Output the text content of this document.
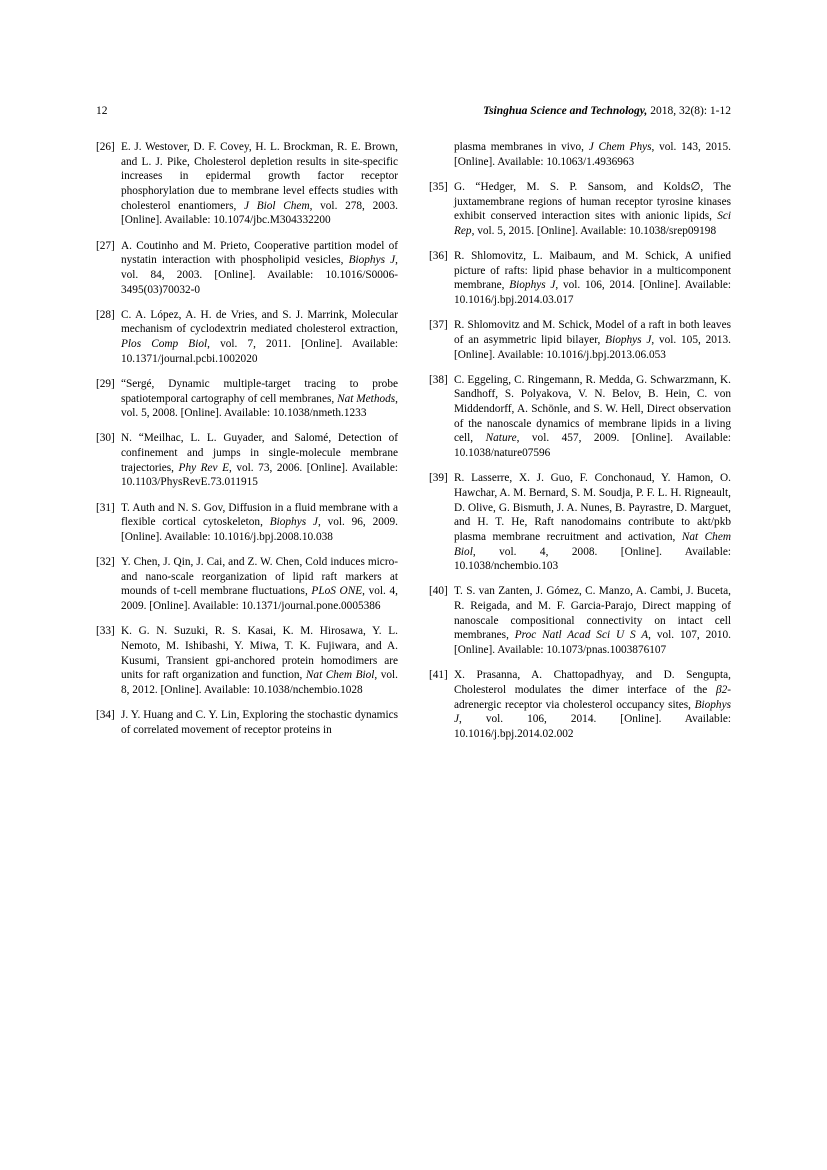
12	Tsinghua Science and Technology, 2018, 32(8): 1-12
[26] E. J. Westover, D. F. Covey, H. L. Brockman, R. E. Brown, and L. J. Pike, Cholesterol depletion results in site-specific increases in epidermal growth factor receptor phosphorylation due to membrane level effects studies with cholesterol enantiomers, J Biol Chem, vol. 278, 2003. [Online]. Available: 10.1074/jbc.M304332200
[27] A. Coutinho and M. Prieto, Cooperative partition model of nystatin interaction with phospholipid vesicles, Biophys J, vol. 84, 2003. [Online]. Available: 10.1016/S0006-3495(03)70032-0
[28] C. A. López, A. H. de Vries, and S. J. Marrink, Molecular mechanism of cyclodextrin mediated cholesterol extraction, Plos Comp Biol, vol. 7, 2011. [Online]. Available: 10.1371/journal.pcbi.1002020
[29] “Sergé, Dynamic multiple-target tracing to probe spatiotemporal cartography of cell membranes, Nat Methods, vol. 5, 2008. [Online]. Available: 10.1038/nmeth.1233
[30] N. “Meilhac, L. L. Guyader, and Salomé, Detection of confinement and jumps in single-molecule membrane trajectories, Phy Rev E, vol. 73, 2006. [Online]. Available: 10.1103/PhysRevE.73.011915
[31] T. Auth and N. S. Gov, Diffusion in a fluid membrane with a flexible cortical cytoskeleton, Biophys J, vol. 96, 2009. [Online]. Available: 10.1016/j.bpj.2008.10.038
[32] Y. Chen, J. Qin, J. Cai, and Z. W. Chen, Cold induces micro- and nano-scale reorganization of lipid raft markers at mounds of t-cell membrane fluctuations, PLoS ONE, vol. 4, 2009. [Online]. Available: 10.1371/journal.pone.0005386
[33] K. G. N. Suzuki, R. S. Kasai, K. M. Hirosawa, Y. L. Nemoto, M. Ishibashi, Y. Miwa, T. K. Fujiwara, and A. Kusumi, Transient gpi-anchored protein homodimers are units for raft organization and function, Nat Chem Biol, vol. 8, 2012. [Online]. Available: 10.1038/nchembio.1028
[34] J. Y. Huang and C. Y. Lin, Exploring the stochastic dynamics of correlated movement of receptor proteins in
plasma membranes in vivo, J Chem Phys, vol. 143, 2015. [Online]. Available: 10.1063/1.4936963
[35] G. “Hedger, M. S. P. Sansom, and Kolds∅, The juxtamembrane regions of human receptor tyrosine kinases exhibit conserved interaction sites with anionic lipids, Sci Rep, vol. 5, 2015. [Online]. Available: 10.1038/srep09198
[36] R. Shlomovitz, L. Maibaum, and M. Schick, A unified picture of rafts: lipid phase behavior in a multicomponent membrane, Biophys J, vol. 106, 2014. [Online]. Available: 10.1016/j.bpj.2014.03.017
[37] R. Shlomovitz and M. Schick, Model of a raft in both leaves of an asymmetric lipid bilayer, Biophys J, vol. 105, 2013. [Online]. Available: 10.1016/j.bpj.2013.06.053
[38] C. Eggeling, C. Ringemann, R. Medda, G. Schwarzmann, K. Sandhoff, S. Polyakova, V. N. Belov, B. Hein, C. von Middendorff, A. Schönle, and S. W. Hell, Direct observation of the nanoscale dynamics of membrane lipids in a living cell, Nature, vol. 457, 2009. [Online]. Available: 10.1038/nature07596
[39] R. Lasserre, X. J. Guo, F. Conchonaud, Y. Hamon, O. Hawchar, A. M. Bernard, S. M. Soudja, P. F. L. H. Rigneault, D. Olive, G. Bismuth, J. A. Nunes, B. Payrastre, D. Marguet, and H. T. He, Raft nanodomains contribute to akt/pkb plasma membrane recruitment and activation, Nat Chem Biol, vol. 4, 2008. [Online]. Available: 10.1038/nchembio.103
[40] T. S. van Zanten, J. Gómez, C. Manzo, A. Cambi, J. Buceta, R. Reigada, and M. F. Garcia-Parajo, Direct mapping of nanoscale compositional connectivity on intact cell membranes, Proc Natl Acad Sci U S A, vol. 107, 2010. [Online]. Available: 10.1073/pnas.1003876107
[41] X. Prasanna, A. Chattopadhyay, and D. Sengupta, Cholesterol modulates the dimer interface of the β2-adrenergic receptor via cholesterol occupancy sites, Biophys J, vol. 106, 2014. [Online]. Available: 10.1016/j.bpj.2014.02.002
